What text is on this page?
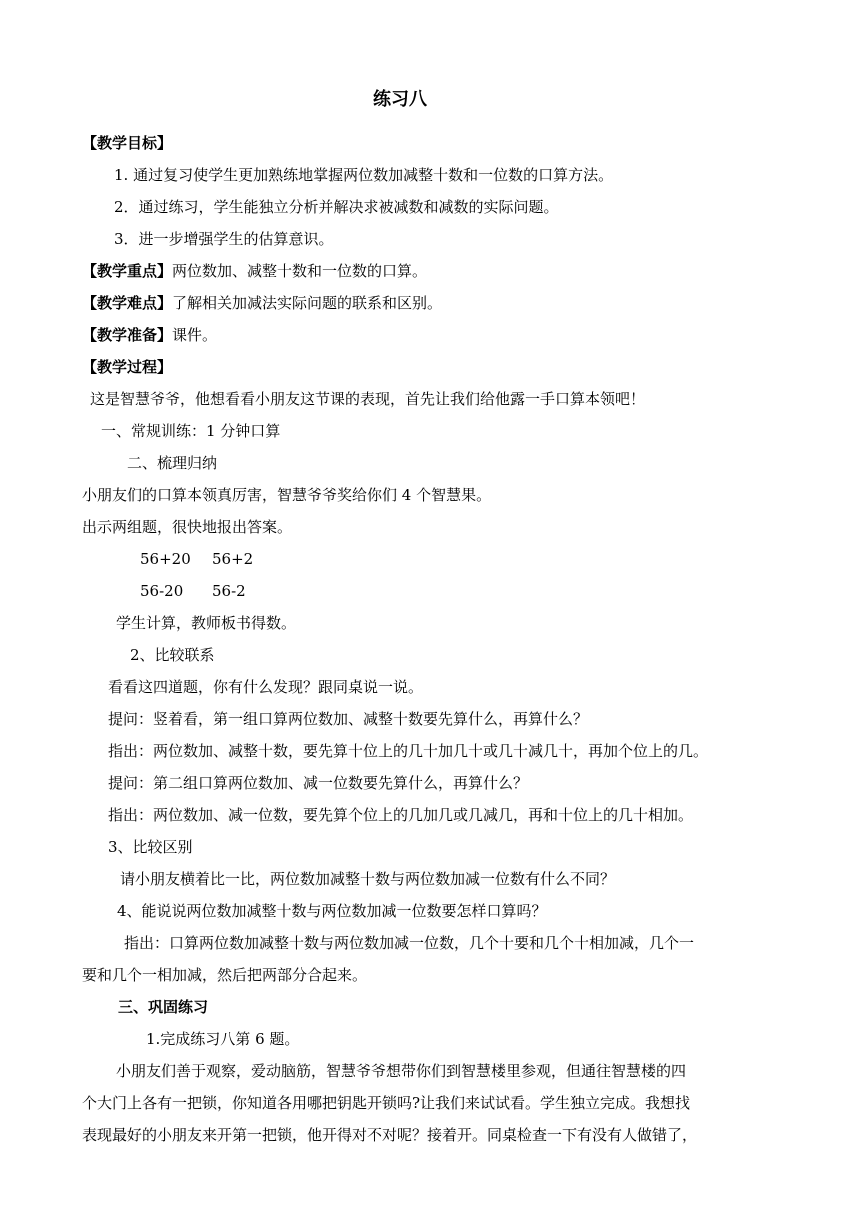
练习八
【教学目标】
1. 通过复习使学生更加熟练地掌握两位数加减整十数和一位数的口算方法。
2．通过练习，学生能独立分析并解决求被减数和减数的实际问题。
3．进一步增强学生的估算意识。
【教学重点】两位数加、减整十数和一位数的口算。
【教学难点】了解相关加减法实际问题的联系和区别。
【教学准备】课件。
【教学过程】
这是智慧爷爷，他想看看小朋友这节课的表现，首先让我们给他露一手口算本领吧！
一、常规训练：1 分钟口算
二、梳理归纳
小朋友们的口算本领真厉害，智慧爷爷奖给你们 4 个智慧果。
出示两组题，很快地报出答案。
56+20 56+2
56-20 56-2
学生计算，教师板书得数。
2、比较联系
看看这四道题，你有什么发现？跟同桌说一说。
提问：竖着看，第一组口算两位数加、减整十数要先算什么，再算什么？
指出：两位数加、减整十数，要先算十位上的几十加几十或几十减几十，再加个位上的几。
提问：第二组口算两位数加、减一位数要先算什么，再算什么？
指出：两位数加、减一位数，要先算个位上的几加几或几减几，再和十位上的几十相加。
3、比较区别
请小朋友横着比一比，两位数加减整十数与两位数加减一位数有什么不同？
4、能说说两位数加减整十数与两位数加减一位数要怎样口算吗？
指出：口算两位数加减整十数与两位数加减一位数，几个十要和几个十相加减，几个一
要和几个一相加减，然后把两部分合起来。
三、巩固练习
1.完成练习八第 6 题。
小朋友们善于观察，爱动脑筋，智慧爷爷想带你们到智慧楼里参观，但通往智慧楼的四
个大门上各有一把锁，你知道各用哪把钥匙开锁吗?让我们来试试看。学生独立完成。我想找
表现最好的小朋友来开第一把锁，他开得对不对呢？接着开。同桌检查一下有没有人做错了，
